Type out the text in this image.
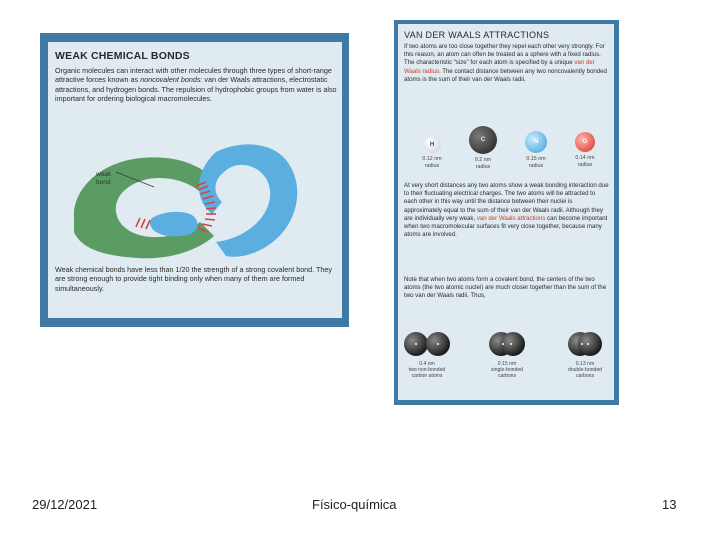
WEAK CHEMICAL BONDS

Organic molecules can interact with other molecules through three types of short-range attractive forces known as noncovalent bonds: van der Waals attractions, electrostatic attractions, and hydrogen bonds. The repulsion of hydrophobic groups from water is also important for ordering biological macromolecules.

weak
bond

Weak chemical bonds have less than 1/20 the strength of a strong covalent bond. They are strong enough to provide tight binding only when many of them are formed simultaneously.

VAN DER WAALS ATTRACTIONS

If two atoms are too close together they repel each other very strongly. For this reason, an atom can often be treated as a sphere with a fixed radius. The characteristic “size” for each atom is specified by a unique van der Waals radius. The contact distance between any two noncovalently bonded atoms is the sum of their van der Waals radii.

H
0.12 nm
radius
C
0.2 nm
radius
N
0.15 nm
radius
O
0.14 nm
radius

At very short distances any two atoms show a weak bonding interaction due to their fluctuating electrical charges. The two atoms will be attracted to each other in this way until the distance between their nuclei is approximately equal to the sum of their van der Waals radii. Although they are individually very weak, van der Waals attractions can become important when two macromolecular surfaces fit very close together, because many atoms are involved.

Note that when two atoms form a covalent bond, the centers of the two atoms (the two atomic nuclei) are much closer together than the sum of the two van der Waals radii. Thus,

0.4 nm
two non-bonded carbon atoms
0.15 nm
single-bonded carbons
0.13 nm
double-bonded carbons
29/12/2021	Físico-química	13
